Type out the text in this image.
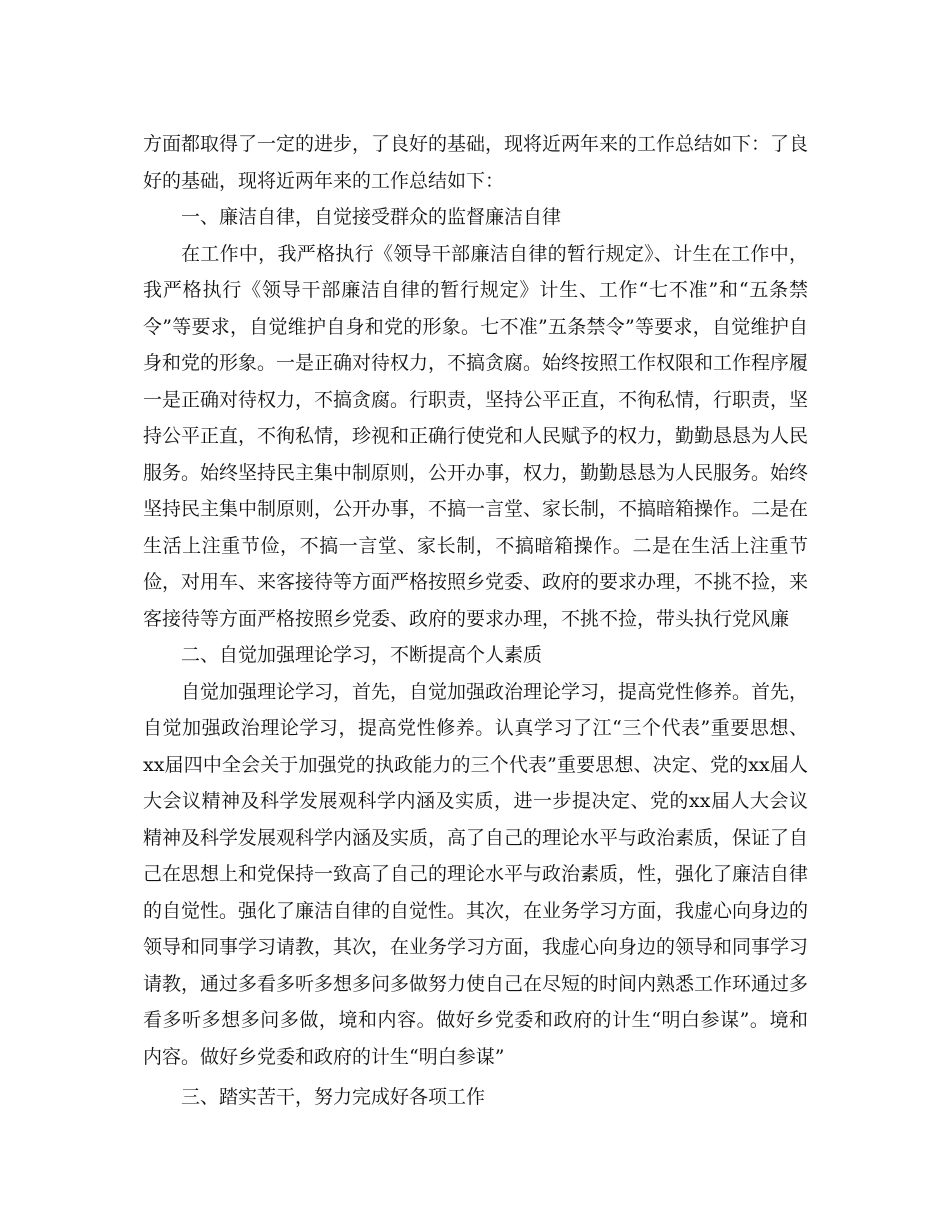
方面都取得了一定的进步，了良好的基础，现将近两年来的工作总结如下：了良好的基础，现将近两年来的工作总结如下：

一、廉洁自律，自觉接受群众的监督廉洁自律

在工作中，我严格执行《领导干部廉洁自律的暂行规定》、计生在工作中，我严格执行《领导干部廉洁自律的暂行规定》计生、工作“七不准”和“五条禁令”等要求，自觉维护自身和党的形象。七不准”五条禁令”等要求，自觉维护自身和党的形象。一是正确对待权力，不搞贪腐。始终按照工作权限和工作程序履一是正确对待权力，不搞贪腐。行职责，坚持公平正直，不徇私情，行职责，坚持公平正直，不徇私情，珍视和正确行使党和人民赋予的权力，勤勤恳恳为人民服务。始终坚持民主集中制原则，公开办事，权力，勤勤恳恳为人民服务。始终坚持民主集中制原则，公开办事，不搞一言堂、家长制，不搞暗箱操作。二是在生活上注重节俭，不搞一言堂、家长制，不搞暗箱操作。二是在生活上注重节俭，对用车、来客接待等方面严格按照乡党委、政府的要求办理，不挑不捡，来客接待等方面严格按照乡党委、政府的要求办理，不挑不捡，带头执行党风廉

二、自觉加强理论学习，不断提高个人素质

自觉加强理论学习，首先，自觉加强政治理论学习，提高党性修养。首先，自觉加强政治理论学习，提高党性修养。认真学习了江“三个代表”重要思想、xx届四中全会关于加强党的执政能力的三个代表”重要思想、决定、党的xx届人大会议精神及科学发展观科学内涵及实质，进一步提决定、党的xx届人大会议精神及科学发展观科学内涵及实质，高了自己的理论水平与政治素质，保证了自己在思想上和党保持一致高了自己的理论水平与政治素质，性，强化了廉洁自律的自觉性。强化了廉洁自律的自觉性。其次，在业务学习方面，我虚心向身边的领导和同事学习请教，其次，在业务学习方面，我虚心向身边的领导和同事学习请教，通过多看多听多想多问多做努力使自己在尽短的时间内熟悉工作环通过多看多听多想多问多做，境和内容。做好乡党委和政府的计生“明白参谋”。境和内容。做好乡党委和政府的计生“明白参谋”

三、踏实苦干，努力完成好各项工作
